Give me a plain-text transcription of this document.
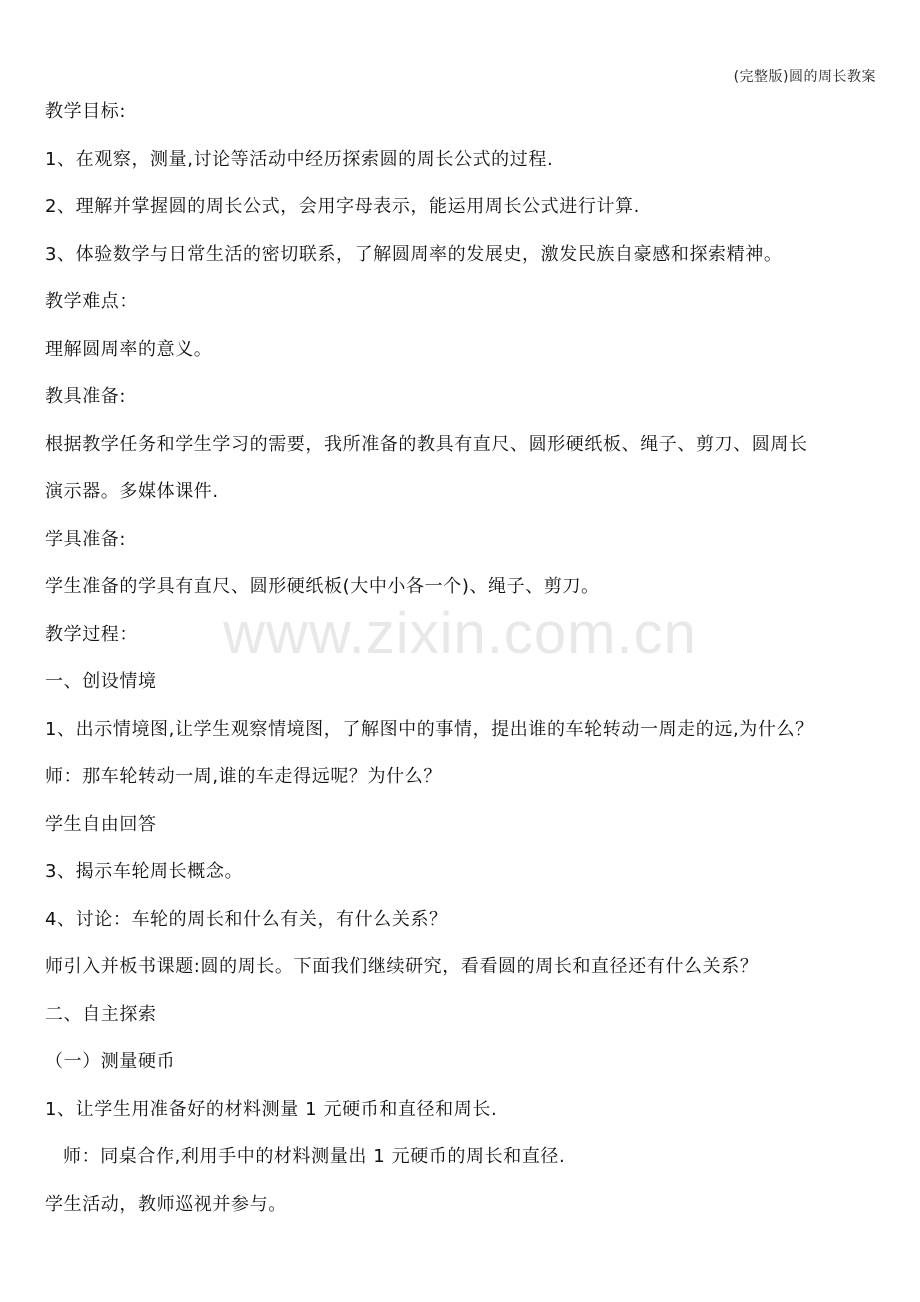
(完整版)圆的周长教案
www.zixin.com.cn
教学目标:
1、在观察，测量,讨论等活动中经历探索圆的周长公式的过程.
2、理解并掌握圆的周长公式，会用字母表示，能运用周长公式进行计算.
3、体验数学与日常生活的密切联系，了解圆周率的发展史，激发民族自豪感和探索精神。
教学难点：
理解圆周率的意义。
教具准备:
根据教学任务和学生学习的需要，我所准备的教具有直尺、圆形硬纸板、绳子、剪刀、圆周长
演示器。多媒体课件.
学具准备:
学生准备的学具有直尺、圆形硬纸板(大中小各一个)、绳子、剪刀。
教学过程：
一、创设情境
1、出示情境图,让学生观察情境图，了解图中的事情，提出谁的车轮转动一周走的远,为什么？
师：那车轮转动一周,谁的车走得远呢？为什么？
学生自由回答
3、揭示车轮周长概念。
4、讨论：车轮的周长和什么有关，有什么关系？
师引入并板书课题:圆的周长。下面我们继续研究，看看圆的周长和直径还有什么关系？
二、自主探索
（一）测量硬币
1、让学生用准备好的材料测量 1 元硬币和直径和周长.
师：同桌合作,利用手中的材料测量出 1 元硬币的周长和直径.
学生活动，教师巡视并参与。
